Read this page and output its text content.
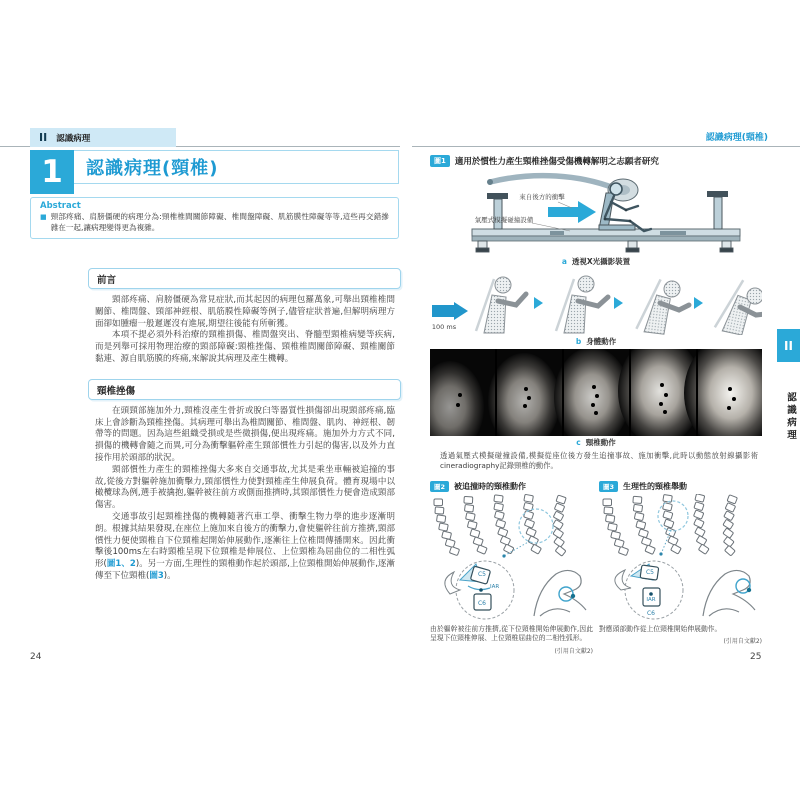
II 認識病理	認識病理(頸椎)
1	認識病理(頸椎)
Abstract
■ 頸部疼痛、肩膀僵硬的病理分為:頸椎椎間關節障礙、椎間盤障礙、肌筋膜性障礙等等,這些再交錯摻雜在一起,讓病理變得更為複雜。
前言

頸部疼痛、肩膀僵硬為常見症狀,而其起因的病理包羅萬象,可舉出頸椎椎間關節、椎間盤、頸部神經根、肌筋膜性障礙等例子,儘管症狀普遍,但解明病理方面卻如腫瘤一般遲遲沒有進展,期望往後能有所斬獲。

本項不提必須外科治療的頸椎損傷、椎間盤突出、脊髓型頸椎病變等疾病,而是列舉可採用物理治療的頸部障礙:頸椎挫傷、頸椎椎間關節障礙、頸椎關節黏連、源自肌筋膜的疼痛,來解說其病理及產生機轉。

頸椎挫傷

在頭頸部施加外力,頸椎沒產生骨折或脫臼等器質性損傷卻出現頸部疼痛,臨床上會診斷為頸椎挫傷。其病理可舉出為椎間關節、椎間盤、肌肉、神經根、韌帶等的問題。因為這些組織受損或是些微損傷,便出現疼痛。施加外力方式不同,損傷的機轉會隨之而異,可分為衝擊軀幹產生頸部慣性力引起的傷害,以及外力直接作用於頭部的狀況。

頸部慣性力產生的頸椎挫傷大多來自交通事故,尤其是乘坐車輛被追撞的事故,從後方對軀幹施加衝擊力,頸部慣性力使對頸椎產生伸展負荷。體育現場中以橄欖球為例,選手被擒抱,軀幹被往前方或側面推擠時,其頸部慣性力便會造成頸部傷害。

交通事故引起頸椎挫傷的機轉隨著汽車工學、衝擊生物力學的進步逐漸明朗。根據其結果發現,在座位上施加來自後方的衝擊力,會使軀幹往前方推擠,頸部慣性力便使頸椎自下位頸椎起開始伸展動作,逐漸往上位椎間傳播開來。因此衝擊後100ms左右時頸椎呈現下位頸椎是伸展位、上位頸椎為屈曲位的二相性弧形(圖1、2)。另一方面,生理性的頸椎動作起於頭部,上位頸椎開始伸展動作,逐漸傳至下位頸椎(圖3)。

24
圖1	適用於慣性力產生頸椎挫傷受傷機轉解明之志願者研究
來自後方的衝擊
氣壓式模擬碰撞設備
a 透視X光攝影裝置
100 ms
b 身體動作
c 頸椎動作
透過氣壓式模擬碰撞設備,模擬從座位後方發生追撞事故、施加衝擊,此時以動態放射線攝影術cineradiography記錄頸椎的動作。
圖2	被追撞時的頸椎動作
C5
IAR
C6
由於軀幹被往前方推擠,從下位頸椎開始伸展動作,因此呈現下位頸椎伸展、上位頸椎屈曲位的二相性弧形。
(引用自文獻2)
圖3	生理性的頸椎舉動
C5
IAR
C6
對應頭部動作從上位頸椎開始伸展動作。
(引用自文獻2)
25
II
認識病理
